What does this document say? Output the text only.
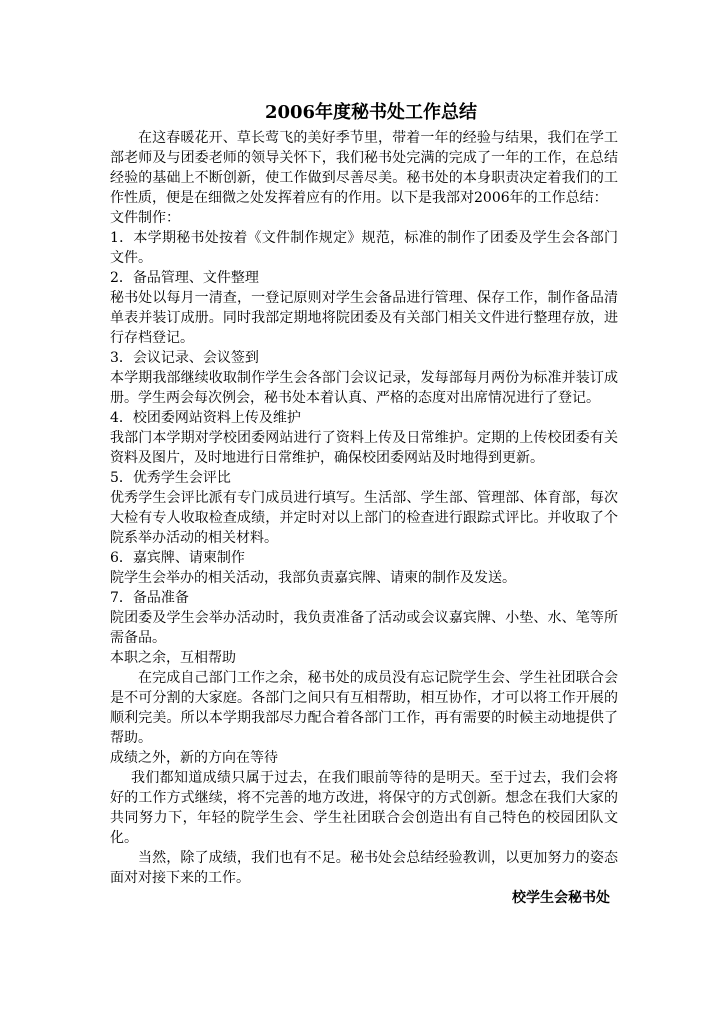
2006年度秘书处工作总结

在这春暖花开、草长莺飞的美好季节里，带着一年的经验与结果，我们在学工部老师及与团委老师的领导关怀下，我们秘书处完满的完成了一年的工作，在总结经验的基础上不断创新，使工作做到尽善尽美。秘书处的本身职责决定着我们的工作性质，便是在细微之处发挥着应有的作用。以下是我部对2006年的工作总结：

文件制作：

1．本学期秘书处按着《文件制作规定》规范，标准的制作了团委及学生会各部门文件。

2．备品管理、文件整理

秘书处以每月一清查，一登记原则对学生会备品进行管理、保存工作，制作备品清单表并装订成册。同时我部定期地将院团委及有关部门相关文件进行整理存放，进行存档登记。

3．会议记录、会议签到

本学期我部继续收取制作学生会各部门会议记录，发每部每月两份为标准并装订成册。学生两会每次例会，秘书处本着认真、严格的态度对出席情况进行了登记。

4．校团委网站资料上传及维护

我部门本学期对学校团委网站进行了资料上传及日常维护。定期的上传校团委有关资料及图片，及时地进行日常维护，确保校团委网站及时地得到更新。

5．优秀学生会评比

优秀学生会评比派有专门成员进行填写。生活部、学生部、管理部、体育部，每次大检有专人收取检查成绩，并定时对以上部门的检查进行跟踪式评比。并收取了个院系举办活动的相关材料。

6．嘉宾牌、请柬制作

院学生会举办的相关活动，我部负责嘉宾牌、请柬的制作及发送。

7．备品准备

院团委及学生会举办活动时，我负责准备了活动或会议嘉宾牌、小垫、水、笔等所需备品。

本职之余，互相帮助

在完成自己部门工作之余，秘书处的成员没有忘记院学生会、学生社团联合会是不可分割的大家庭。各部门之间只有互相帮助，相互协作，才可以将工作开展的顺利完美。所以本学期我部尽力配合着各部门工作，再有需要的时候主动地提供了帮助。

成绩之外，新的方向在等待

我们都知道成绩只属于过去，在我们眼前等待的是明天。至于过去，我们会将好的工作方式继续，将不完善的地方改进，将保守的方式创新。想念在我们大家的共同努力下，年轻的院学生会、学生社团联合会创造出有自己特色的校园团队文化。

当然，除了成绩，我们也有不足。秘书处会总结经验教训，以更加努力的姿态面对对接下来的工作。

校学生会秘书处
